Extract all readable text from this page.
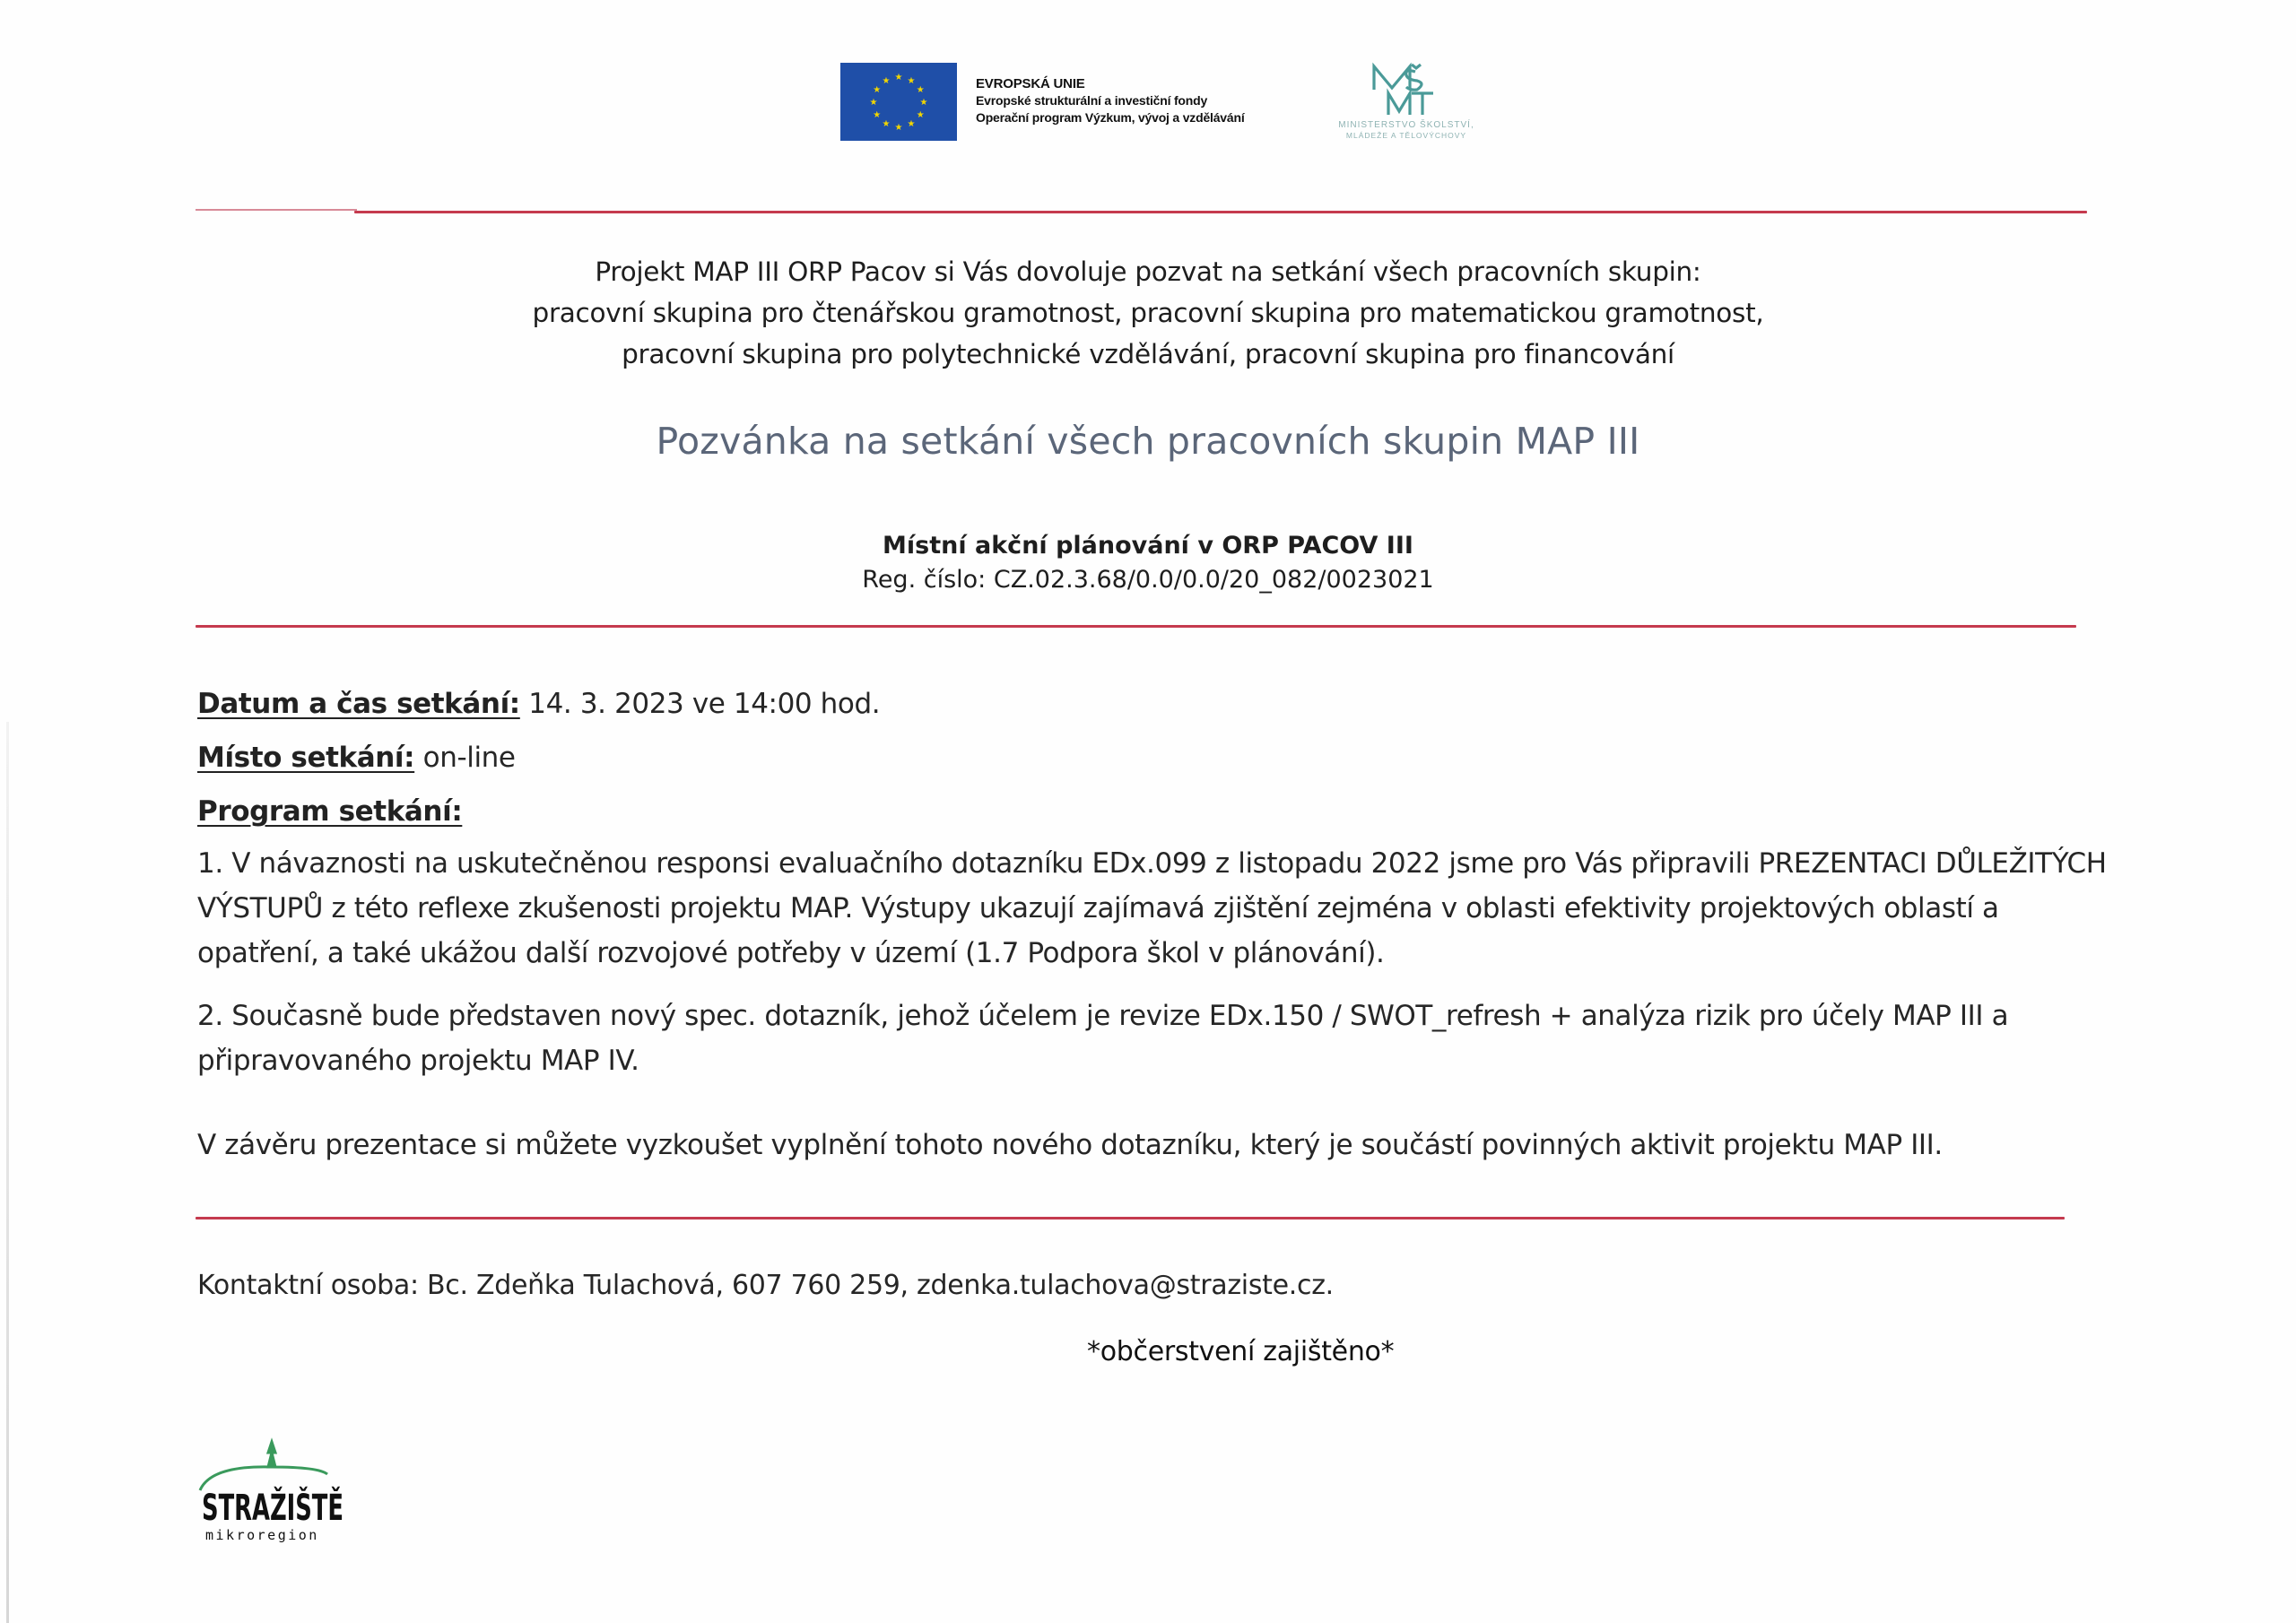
★ ★
★
★
★
★
★
★
★
★
★
★	EVROPSKÁ UNIE
Evropské strukturální a investiční fondy
Operační program Výzkum, vývoj a vzdělávání
MINISTERSTVO ŠKOLSTVÍ,
MLÁDEŽE A TĚLOVÝCHOVY
Projekt MAP III ORP Pacov si Vás dovoluje pozvat na setkání všech pracovních skupin:
pracovní skupina pro čtenářskou gramotnost, pracovní skupina pro matematickou gramotnost,
pracovní skupina pro polytechnické vzdělávání, pracovní skupina pro financování
Pozvánka na setkání všech pracovních skupin MAP III
Místní akční plánování v ORP PACOV III
Reg. číslo: CZ.02.3.68/0.0/0.0/20_082/0023021
Datum a čas setkání: 14. 3. 2023 ve 14:00 hod.
Místo setkání: on-line
Program setkání:
1. V návaznosti na uskutečněnou responsi evaluačního dotazníku EDx.099 z listopadu 2022 jsme pro Vás připravili PREZENTACI DŮLEŽITÝCH VÝSTUPŮ z této reflexe zkušenosti projektu MAP. Výstupy ukazují zajímavá zjištění zejména v oblasti efektivity projektových oblastí a opatření, a také ukážou další rozvojové potřeby v území (1.7 Podpora škol v plánování).
2. Současně bude představen nový spec. dotazník, jehož účelem je revize EDx.150 / SWOT_refresh + analýza rizik pro účely MAP III a připravovaného projektu MAP IV.
V závěru prezentace si můžete vyzkoušet vyplnění tohoto nového dotazníku, který je součástí povinných aktivit projektu MAP III.
Kontaktní osoba: Bc. Zdeňka Tulachová, 607 760 259, zdenka.tulachova@straziste.cz.
*občerstvení zajištěno*
STRAŽIŠTĚ
mikroregion
